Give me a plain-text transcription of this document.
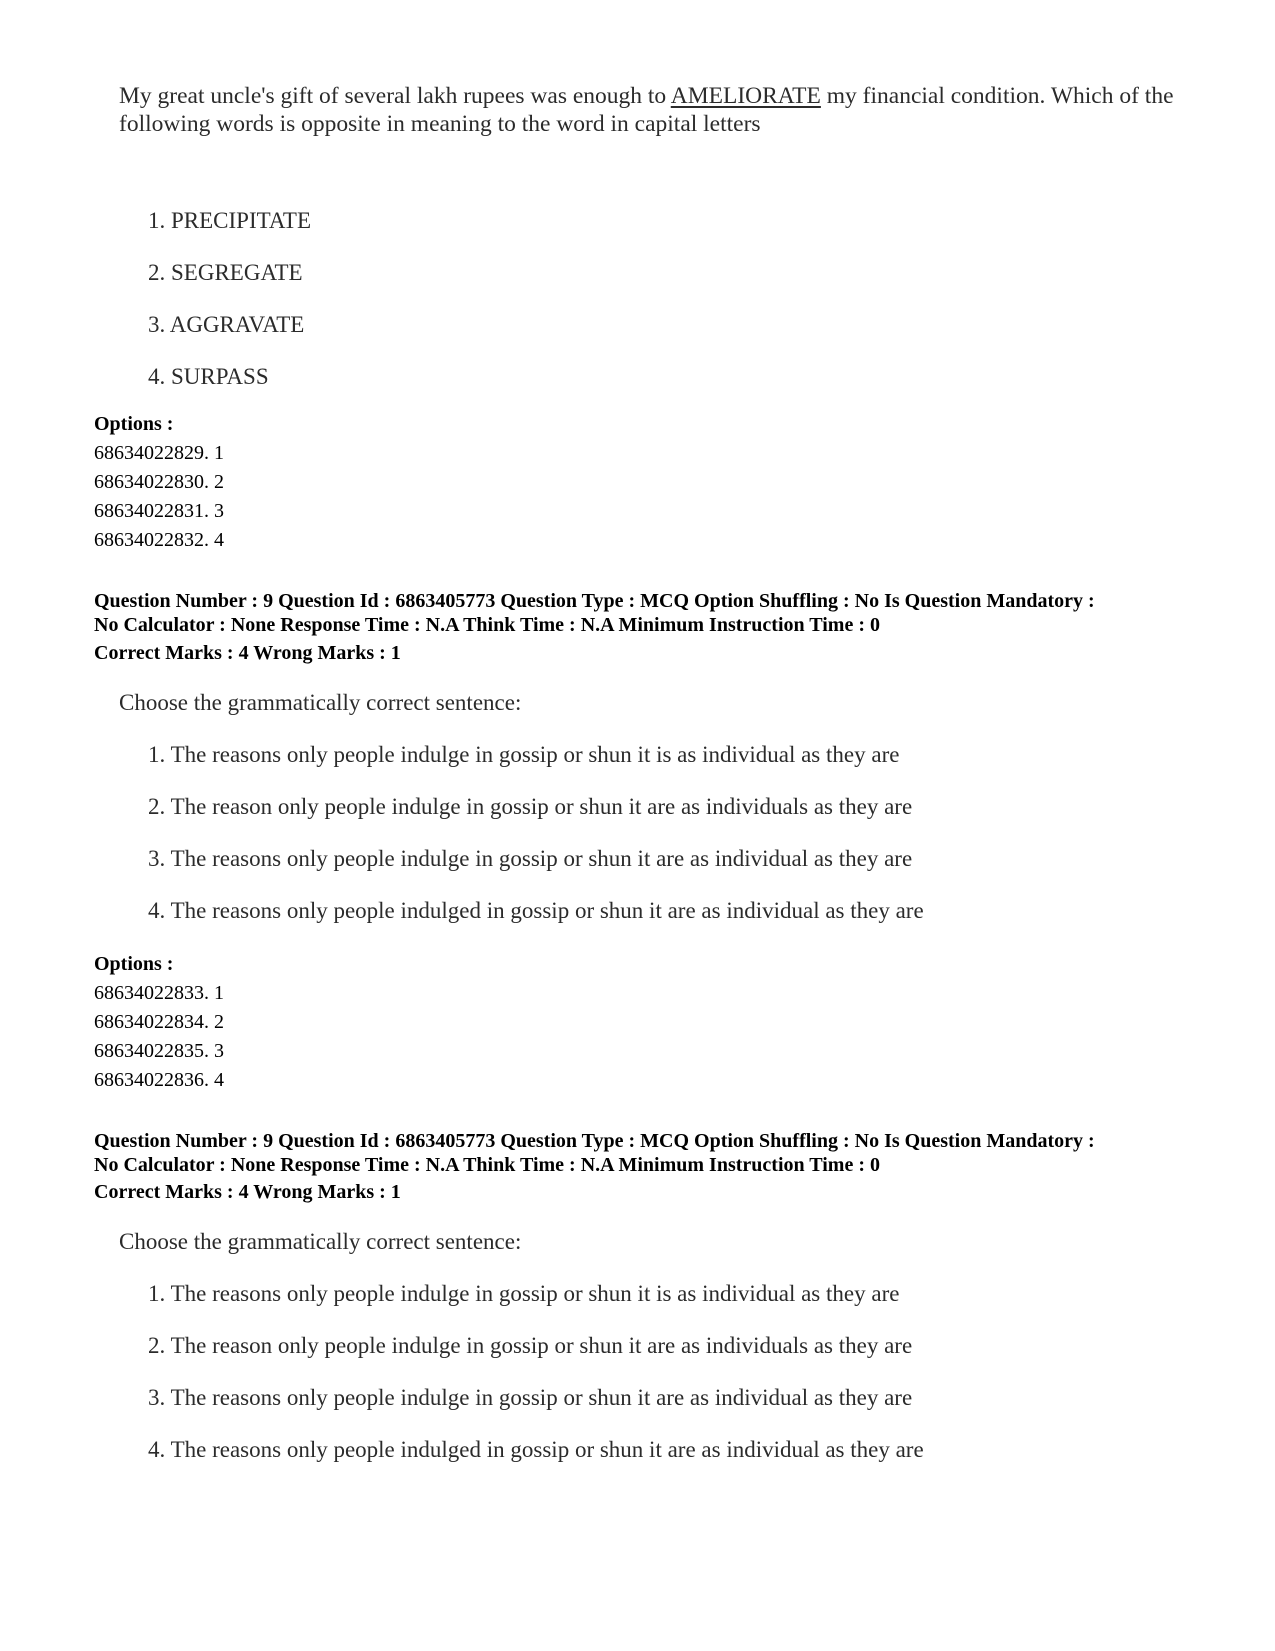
My great uncle's gift of several lakh rupees was enough to AMELIORATE my financial condition. Which of the following words is opposite in meaning to the word in capital letters
1. PRECIPITATE
2. SEGREGATE
3. AGGRAVATE
4. SURPASS
Options :
68634022829. 1
68634022830. 2
68634022831. 3
68634022832. 4
Question Number : 9 Question Id : 6863405773 Question Type : MCQ Option Shuffling : No Is Question Mandatory :
No Calculator : None Response Time : N.A Think Time : N.A Minimum Instruction Time : 0
Correct Marks : 4 Wrong Marks : 1
Choose the grammatically correct sentence:
1. The reasons only people indulge in gossip or shun it is as individual as they are
2. The reason only people indulge in gossip or shun it are as individuals as they are
3. The reasons only people indulge in gossip or shun it are as individual as they are
4. The reasons only people indulged in gossip or shun it are as individual as they are
Options :
68634022833. 1
68634022834. 2
68634022835. 3
68634022836. 4
Question Number : 9 Question Id : 6863405773 Question Type : MCQ Option Shuffling : No Is Question Mandatory :
No Calculator : None Response Time : N.A Think Time : N.A Minimum Instruction Time : 0
Correct Marks : 4 Wrong Marks : 1
Choose the grammatically correct sentence:
1. The reasons only people indulge in gossip or shun it is as individual as they are
2. The reason only people indulge in gossip or shun it are as individuals as they are
3. The reasons only people indulge in gossip or shun it are as individual as they are
4. The reasons only people indulged in gossip or shun it are as individual as they are
